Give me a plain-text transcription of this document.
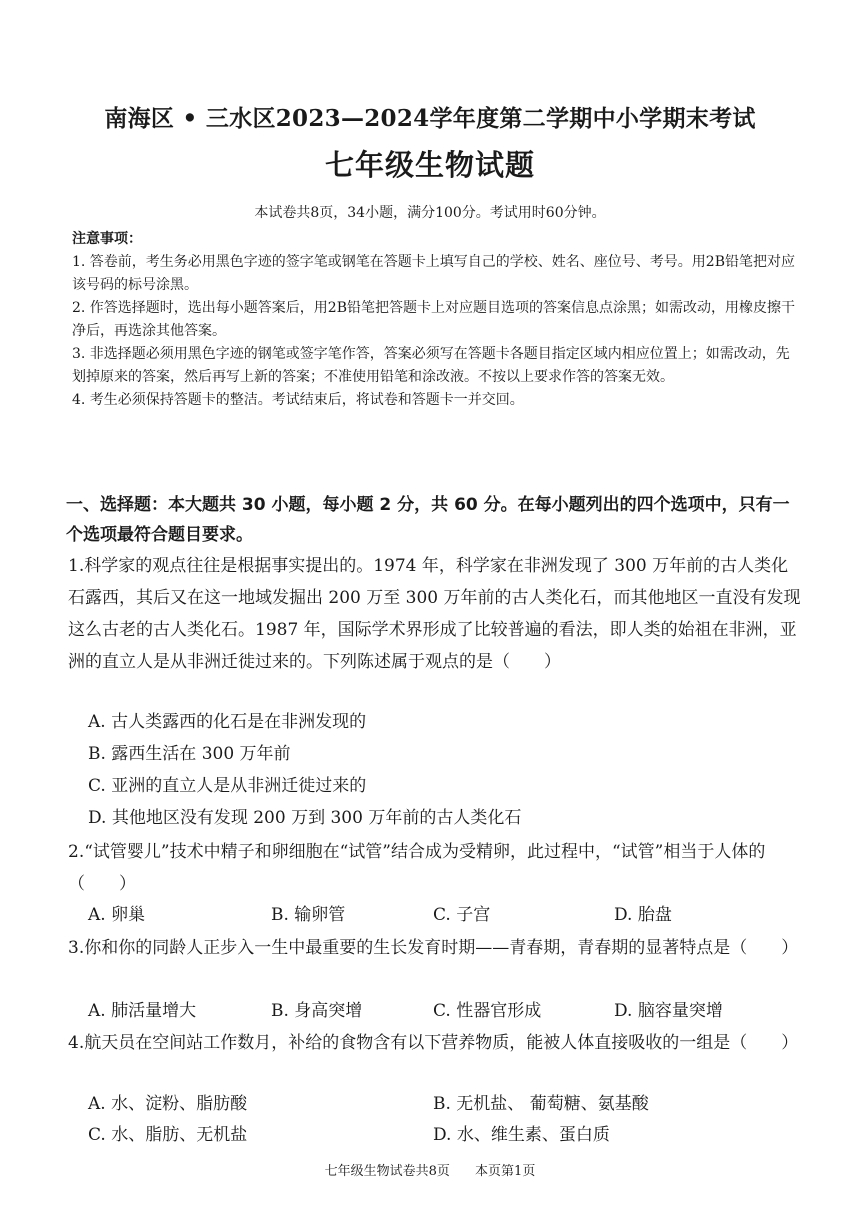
南海区 • 三水区2023—2024学年度第二学期中小学期末考试
七年级生物试题
本试卷共8页，34小题，满分100分。考试用时60分钟。
注意事项：

1. 答卷前，考生务必用黑色字迹的签字笔或钢笔在答题卡上填写自己的学校、姓名、座位号、考号。用2B铅笔把对应该号码的标号涂黑。

2. 作答选择题时，选出每小题答案后，用2B铅笔把答题卡上对应题目选项的答案信息点涂黑；如需改动，用橡皮擦干净后，再选涂其他答案。

3. 非选择题必须用黑色字迹的钢笔或签字笔作答，答案必须写在答题卡各题目指定区域内相应位置上；如需改动，先划掉原来的答案，然后再写上新的答案；不准使用铅笔和涂改液。不按以上要求作答的答案无效。

4. 考生必须保持答题卡的整洁。考试结束后，将试卷和答题卡一并交回。

一、选择题：本大题共 30 小题，每小题 2 分，共 60 分。在每小题列出的四个选项中，只有一个选项最符合题目要求。
1.科学家的观点往往是根据事实提出的。1974 年，科学家在非洲发现了 300 万年前的古人类化石露西，其后又在这一地域发掘出 200 万至 300 万年前的古人类化石，而其他地区一直没有发现这么古老的古人类化石。1987 年，国际学术界形成了比较普遍的看法，即人类的始祖在非洲，亚洲的直立人是从非洲迁徙过来的。下列陈述属于观点的是（　　）
A. 古人类露西的化石是在非洲发现的
B. 露西生活在 300 万年前
C. 亚洲的直立人是从非洲迁徙过来的
D. 其他地区没有发现 200 万到 300 万年前的古人类化石
2.“试管婴儿”技术中精子和卵细胞在“试管”结合成为受精卵，此过程中，“试管”相当于人体的（　　）
A. 卵巢	B. 输卵管	C. 子宫	D. 胎盘
3.你和你的同龄人正步入一生中最重要的生长发育时期——青春期，青春期的显著特点是（　　）
A. 肺活量增大	B. 身高突增	C. 性器官形成	D. 脑容量突增
4.航天员在空间站工作数月，补给的食物含有以下营养物质，能被人体直接吸收的一组是（　　）
A. 水、淀粉、脂肪酸	B. 无机盐、 葡萄糖、氨基酸
C. 水、脂肪、无机盐	D. 水、维生素、蛋白质
七年级生物试卷共8页　 本页第1页
